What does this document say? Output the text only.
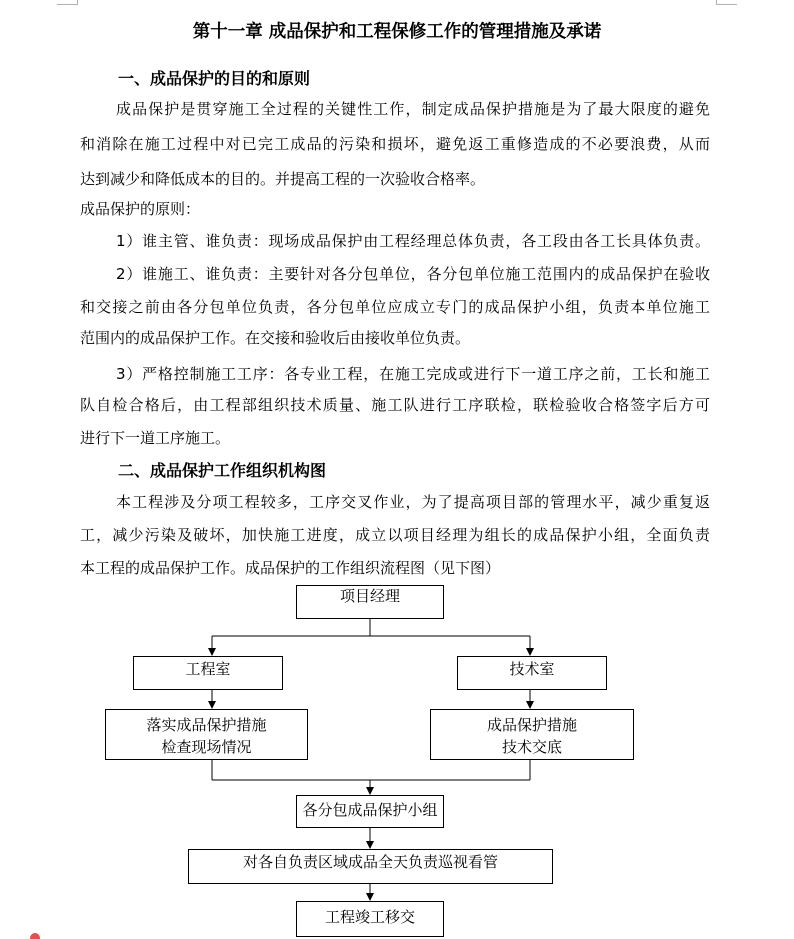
第十一章 成品保护和工程保修工作的管理措施及承诺
一、成品保护的目的和原则
成品保护是贯穿施工全过程的关键性工作，制定成品保护措施是为了最大限度的避免
和消除在施工过程中对已完工成品的污染和损坏，避免返工重修造成的不必要浪费，从而
达到减少和降低成本的目的。并提高工程的一次验收合格率。
成品保护的原则：
1）谁主管、谁负责：现场成品保护由工程经理总体负责，各工段由各工长具体负责。
2）谁施工、谁负责：主要针对各分包单位，各分包单位施工范围内的成品保护在验收
和交接之前由各分包单位负责，各分包单位应成立专门的成品保护小组，负责本单位施工
范围内的成品保护工作。在交接和验收后由接收单位负责。
3）严格控制施工工序：各专业工程，在施工完成或进行下一道工序之前，工长和施工
队自检合格后，由工程部组织技术质量、施工队进行工序联检，联检验收合格签字后方可
进行下一道工序施工。
二、成品保护工作组织机构图
本工程涉及分项工程较多，工序交叉作业，为了提高项目部的管理水平，减少重复返
工，减少污染及破坏，加快施工进度，成立以项目经理为组长的成品保护小组，全面负责
本工程的成品保护工作。成品保护的工作组织流程图（见下图）
项目经理
工程室	技术室
落实成品保护措施
检查现场情况
成品保护措施
技术交底
各分包成品保护小组
对各自负责区域成品全天负责巡视看管
工程竣工移交
